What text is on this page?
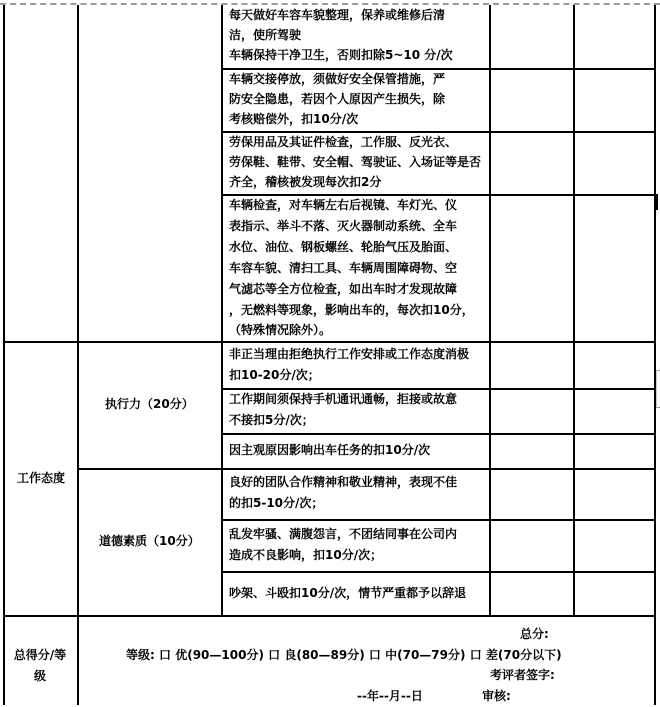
每天做好车容车貌整理，保养或维修后清
洁，使所驾驶
车辆保持干净卫生，否则扣除5~10 分/次
车辆交接停放，须做好安全保管措施，严
防安全隐患，若因个人原因产生损失，除
考核赔偿外，扣10分/次
劳保用品及其证件检查，工作服、反光衣、
劳保鞋、鞋带、安全帽、驾驶证、入场证等是否
齐全，稽核被发现每次扣2分
车辆检查，对车辆左右后视镜、车灯光、仪
表指示、举斗不落、灭火器制动系统、全车
水位、油位、钢板螺丝、轮胎气压及胎面、
车容车貌、清扫工具、车辆周围障碍物、空
气滤芯等全方位检查，如出车时才发现故障
，无燃料等现象，影响出车的，每次扣10分，
（特殊情况除外）。
工作态度
执行力（20分）
非正当理由拒绝执行工作安排或工作态度消极
扣10-20分/次；
工作期间须保持手机通讯通畅，拒接或故意
不接扣5分/次；
因主观原因影响出车任务的扣10分/次
道德素质（10分）
良好的团队合作精神和敬业精神，表现不佳
的扣5-10分/次；
乱发牢骚、满腹怨言，不团结同事在公司内
造成不良影响，扣10分/次；
吵架、斗殴扣10分/次，情节严重都予以辞退
总得分/等
级
总分:
等级: 口 优(90—100分) 口 良(80—89分) 口 中(70—79分) 口 差(70分以下)
考评者签字:
--年--月--日	审核:
